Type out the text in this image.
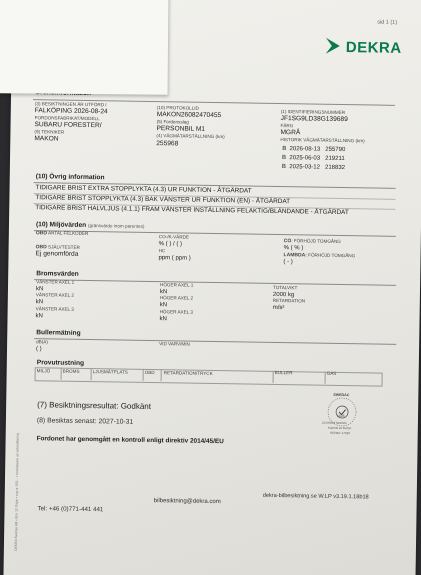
sid 1 (1)
DEKRA
(3) BESIKTNINGEN ÄR UTFÖRD I
FALKÖPING 2026-08-24
FORDONSFABRIKAT/MODELL
SUBARU FORESTER/
(9) TEKNIKER
MAKON
(10) PROTOKOLLID
MAKON26082470455
(5) Fordonsslag
PERSONBIL M1
(4) VÄGMÄTARSTÄLLNING (km)
255968
(1) IDENTIFIERINGSNUMMER
JF1SG9LD38G139689
FÄRG
MGRÅ
HISTORIK VÄGMÄTARSTÄLLNING (km)
B 2026-08-13 255790
B 2025-06-03 219211
B 2025-03-12 218832
(10) Övrig information
TIDIGARE BRIST EXTRA STOPPLYKTA (4.3) UR FUNKTION - ÅTGÄRDAT
TIDIGARE BRIST STOPPLYKTA (4.3) BAK VÄNSTER UR FUNKTION (EN) - ÅTGÄRDAT
TIDIGARE BRIST HALVLJUS (4.1.1) FRAM VÄNSTER INSTÄLLNING FELAKTIG/BLÄNDANDE - ÅTGÄRDAT
(10) Miljövärden (gränsvärde inom parentes)
OBD ANTAL FELKODER
CO-/K-VÄRDE
% ( ) / ( )	CO: FÖRHÖJD TOMGÅNG
% ( % )
OBD SJÄLVTESTER
Ej genomförda	HC
ppm ( ppm )	LAMBDA: FÖRHÖJD TOMGÅNG
( - )
Bromsvärden
VÄNSTER AXEL 1
kN
HÖGER AXEL 1
kN
TOTALVIKT
2000 kg
VÄNSTER AXEL 2
kN
HÖGER AXEL 2
kN
RETARDATION
m/s²
VÄNSTER AXEL 3
kN
HÖGER AXEL 3
kN
Bullermätning
dB(A)
( )
VID VARV/MIN
Provutrustning
MILJÖ	BROMS	LJUSMÄTPLATS	OBD RETARDATION/TRYCK	BULLER	GAS
(7) Besiktningsresultat: Godkänt
(8) Besiktas senast: 2027-10-31
Fordonet har genomgått en kontroll enligt direktiv 2014/45/EU
SWEDAC
ACKREDITERING
1026
Kontroll av fordon
ISO/IEC 17020
Tel: +46 (0)771-441 441
bilbesiktning@dekra.com
dekra-bilbesiktning.se W.LP v3.19.1.18b18
DEKRA Sverige AB • Box 12 Page • org nr 556... • Innehavare av ackreditering
